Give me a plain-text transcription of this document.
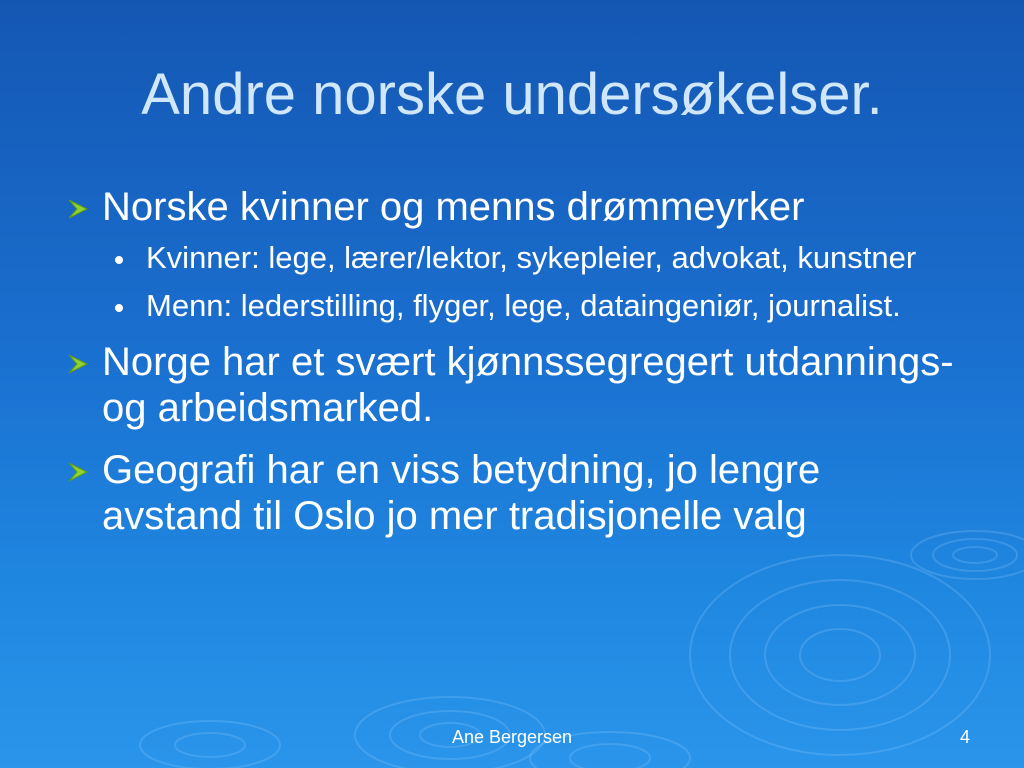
Andre norske undersøkelser.
Norske kvinner og menns drømmeyrker
Kvinner: lege, lærer/lektor, sykepleier, advokat, kunstner
Menn: lederstilling, flyger, lege, dataingeniør, journalist.
Norge har et svært kjønnssegregert utdannings- og arbeidsmarked.
Geografi har en viss betydning, jo lengre avstand til Oslo jo mer tradisjonelle valg
Ane Bergersen	4
